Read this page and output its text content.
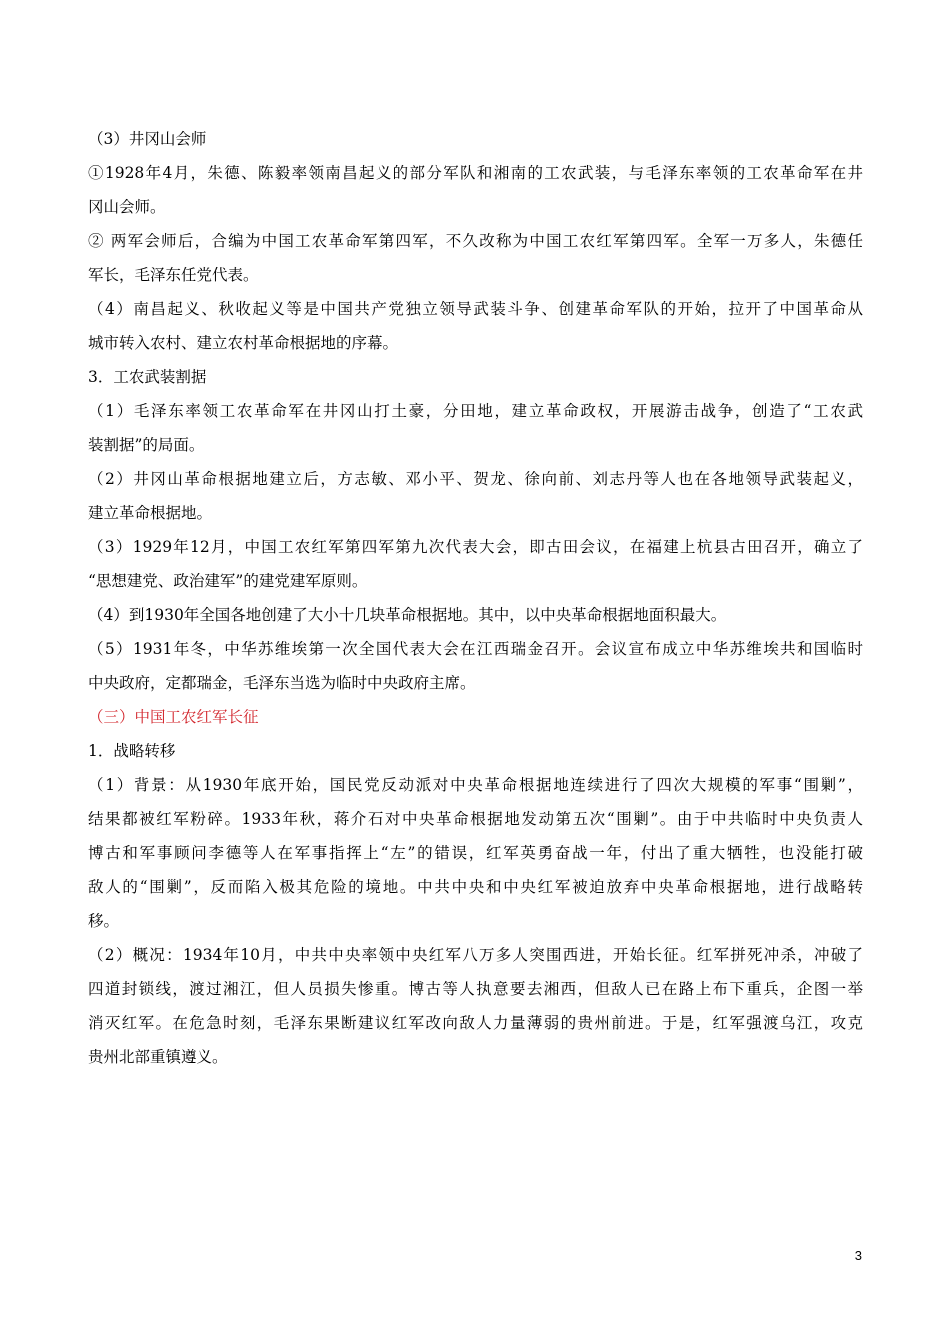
（3）井冈山会师

①1928年4月，朱德、陈毅率领南昌起义的部分军队和湘南的工农武装，与毛泽东率领的工农革命军在井

冈山会师。

② 两军会师后，合编为中国工农革命军第四军，不久改称为中国工农红军第四军。全军一万多人，朱德任

军长，毛泽东任党代表。

（4）南昌起义、秋收起义等是中国共产党独立领导武装斗争、创建革命军队的开始，拉开了中国革命从

城市转入农村、建立农村革命根据地的序幕。

3．工农武装割据

（1）毛泽东率领工农革命军在井冈山打土豪，分田地，建立革命政权，开展游击战争，创造了“工农武

装割据”的局面。

（2）井冈山革命根据地建立后，方志敏、邓小平、贺龙、徐向前、刘志丹等人也在各地领导武装起义，

建立革命根据地。

（3）1929年12月，中国工农红军第四军第九次代表大会，即古田会议，在福建上杭县古田召开，确立了

“思想建党、政治建军”的建党建军原则。

（4）到1930年全国各地创建了大小十几块革命根据地。其中，以中央革命根据地面积最大。

（5）1931年冬，中华苏维埃第一次全国代表大会在江西瑞金召开。会议宣布成立中华苏维埃共和国临时

中央政府，定都瑞金，毛泽东当选为临时中央政府主席。

（三）中国工农红军长征

1．战略转移

（1）背景：从1930年底开始，国民党反动派对中央革命根据地连续进行了四次大规模的军事“围剿”，

结果都被红军粉碎。1933年秋，蒋介石对中央革命根据地发动第五次“围剿”。由于中共临时中央负责人

博古和军事顾问李德等人在军事指挥上“左”的错误，红军英勇奋战一年，付出了重大牺牲，也没能打破

敌人的“围剿”，反而陷入极其危险的境地。中共中央和中央红军被迫放弃中央革命根据地，进行战略转

移。

（2）概况：1934年10月，中共中央率领中央红军八万多人突围西进，开始长征。红军拼死冲杀，冲破了

四道封锁线，渡过湘江，但人员损失惨重。博古等人执意要去湘西，但敌人已在路上布下重兵，企图一举

消灭红军。在危急时刻，毛泽东果断建议红军改向敌人力量薄弱的贵州前进。于是，红军强渡乌江，攻克

贵州北部重镇遵义。

3
